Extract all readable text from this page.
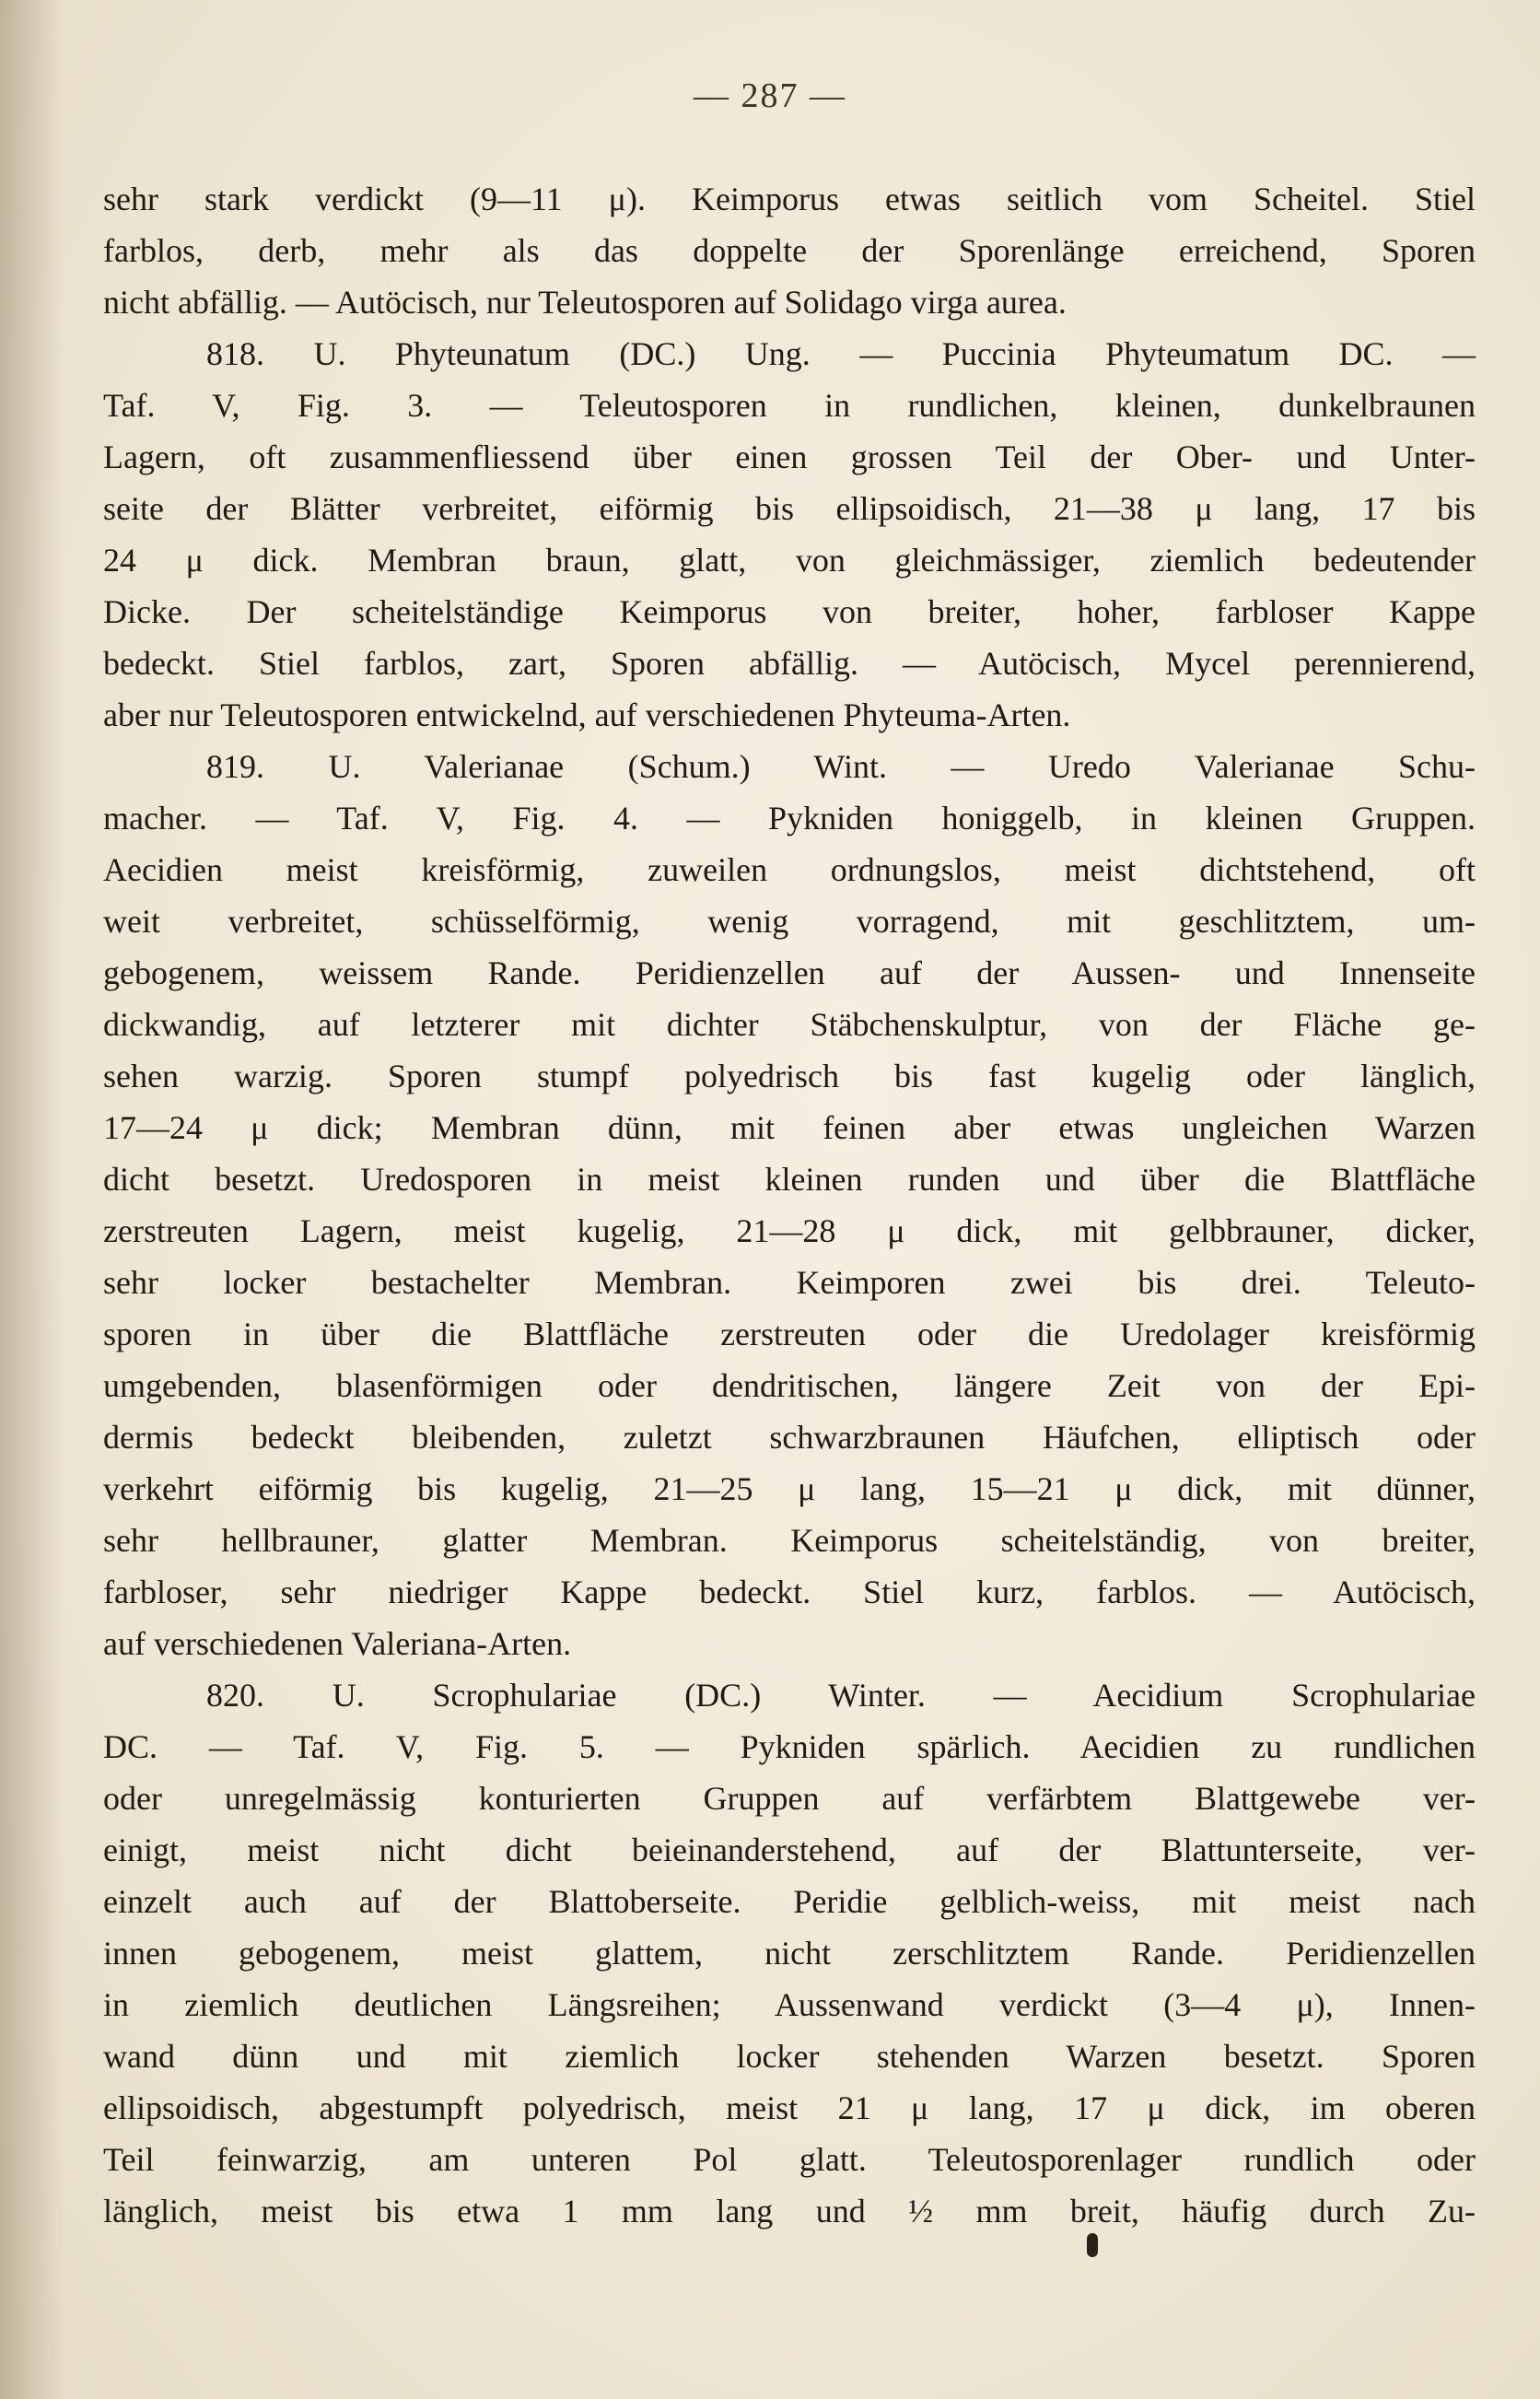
— 287 —
sehr stark verdickt (9—11 μ). Keimporus etwas seitlich vom Scheitel. Stiel
farblos, derb, mehr als das doppelte der Sporenlänge erreichend, Sporen
nicht abfällig. — Autöcisch, nur Teleutosporen auf Solidago virga aurea.
818. U. Phyteunatum (DC.) Ung. — Puccinia Phyteumatum DC. —
Taf. V, Fig. 3. — Teleutosporen in rundlichen, kleinen, dunkelbraunen
Lagern, oft zusammenfliessend über einen grossen Teil der Ober- und Unter-
seite der Blätter verbreitet, eiförmig bis ellipsoidisch, 21—38 μ lang, 17 bis
24 μ dick. Membran braun, glatt, von gleichmässiger, ziemlich bedeutender
Dicke. Der scheitelständige Keimporus von breiter, hoher, farbloser Kappe
bedeckt. Stiel farblos, zart, Sporen abfällig. — Autöcisch, Mycel perennierend,
aber nur Teleutosporen entwickelnd, auf verschiedenen Phyteuma-Arten.
819. U. Valerianae (Schum.) Wint. — Uredo Valerianae Schu-
macher. — Taf. V, Fig. 4. — Pykniden honiggelb, in kleinen Gruppen.
Aecidien meist kreisförmig, zuweilen ordnungslos, meist dichtstehend, oft
weit verbreitet, schüsselförmig, wenig vorragend, mit geschlitztem, um-
gebogenem, weissem Rande. Peridienzellen auf der Aussen- und Innenseite
dickwandig, auf letzterer mit dichter Stäbchenskulptur, von der Fläche ge-
sehen warzig. Sporen stumpf polyedrisch bis fast kugelig oder länglich,
17—24 μ dick; Membran dünn, mit feinen aber etwas ungleichen Warzen
dicht besetzt. Uredosporen in meist kleinen runden und über die Blattfläche
zerstreuten Lagern, meist kugelig, 21—28 μ dick, mit gelbbrauner, dicker,
sehr locker bestachelter Membran. Keimporen zwei bis drei. Teleuto-
sporen in über die Blattfläche zerstreuten oder die Uredolager kreisförmig
umgebenden, blasenförmigen oder dendritischen, längere Zeit von der Epi-
dermis bedeckt bleibenden, zuletzt schwarzbraunen Häufchen, elliptisch oder
verkehrt eiförmig bis kugelig, 21—25 μ lang, 15—21 μ dick, mit dünner,
sehr hellbrauner, glatter Membran. Keimporus scheitelständig, von breiter,
farbloser, sehr niedriger Kappe bedeckt. Stiel kurz, farblos. — Autöcisch,
auf verschiedenen Valeriana-Arten.
820. U. Scrophulariae (DC.) Winter. — Aecidium Scrophulariae
DC. — Taf. V, Fig. 5. — Pykniden spärlich. Aecidien zu rundlichen
oder unregelmässig konturierten Gruppen auf verfärbtem Blattgewebe ver-
einigt, meist nicht dicht beieinanderstehend, auf der Blattunterseite, ver-
einzelt auch auf der Blattoberseite. Peridie gelblich-weiss, mit meist nach
innen gebogenem, meist glattem, nicht zerschlitztem Rande. Peridienzellen
in ziemlich deutlichen Längsreihen; Aussenwand verdickt (3—4 μ), Innen-
wand dünn und mit ziemlich locker stehenden Warzen besetzt. Sporen
ellipsoidisch, abgestumpft polyedrisch, meist 21 μ lang, 17 μ dick, im oberen
Teil feinwarzig, am unteren Pol glatt. Teleutosporenlager rundlich oder
länglich, meist bis etwa 1 mm lang und ½ mm breit, häufig durch Zu-
